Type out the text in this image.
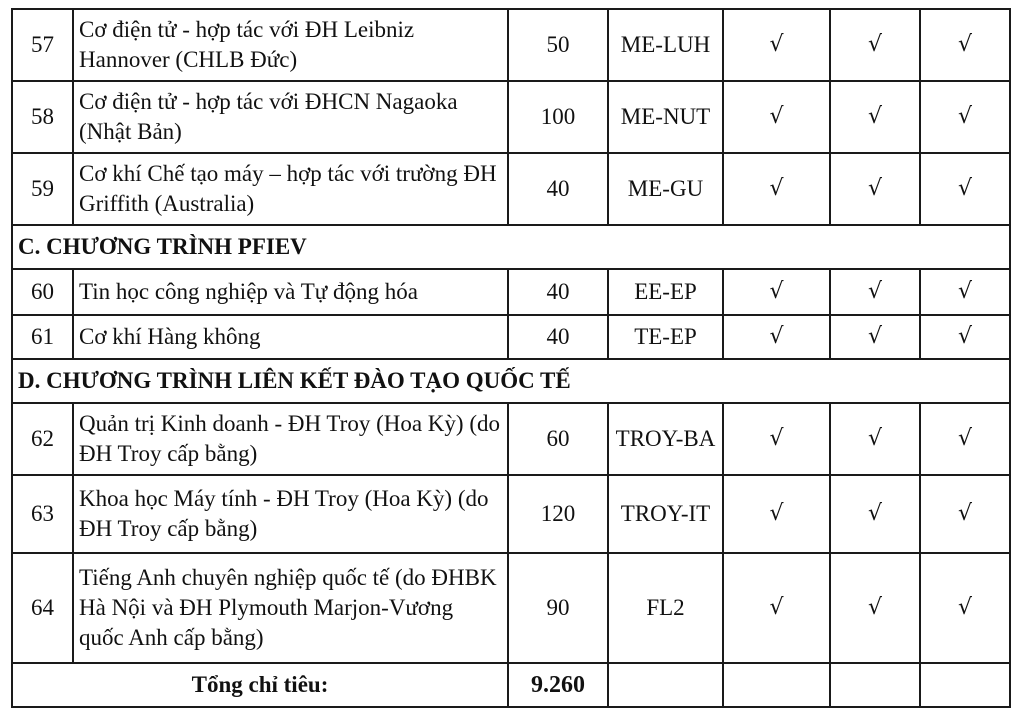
57	Cơ điện tử - hợp tác với ĐH Leibniz Hannover (CHLB Đức)	50	ME-LUH	√	√	√
58	Cơ điện tử - hợp tác với ĐHCN Nagaoka (Nhật Bản)	100	ME-NUT	√	√	√
59	Cơ khí Chế tạo máy – hợp tác với trường ĐH Griffith (Australia)	40	ME-GU	√	√	√
C. CHƯƠNG TRÌNH PFIEV						
60	Tin học công nghiệp và Tự động hóa	40	EE-EP	√	√	√
61	Cơ khí Hàng không	40	TE-EP	√	√	√
D. CHƯƠNG TRÌNH LIÊN KẾT ĐÀO TẠO QUỐC TẾ						
62	Quản trị Kinh doanh - ĐH Troy (Hoa Kỳ) (do ĐH Troy cấp bằng)	60	TROY-BA	√	√	√
63	Khoa học Máy tính - ĐH Troy (Hoa Kỳ) (do ĐH Troy cấp bằng)	120	TROY-IT	√	√	√
64	Tiếng Anh chuyên nghiệp quốc tế (do ĐHBK Hà Nội và ĐH Plymouth Marjon-Vương quốc Anh cấp bằng)	90	FL2	√	√	√
Tổng chỉ tiêu:		9.260				
